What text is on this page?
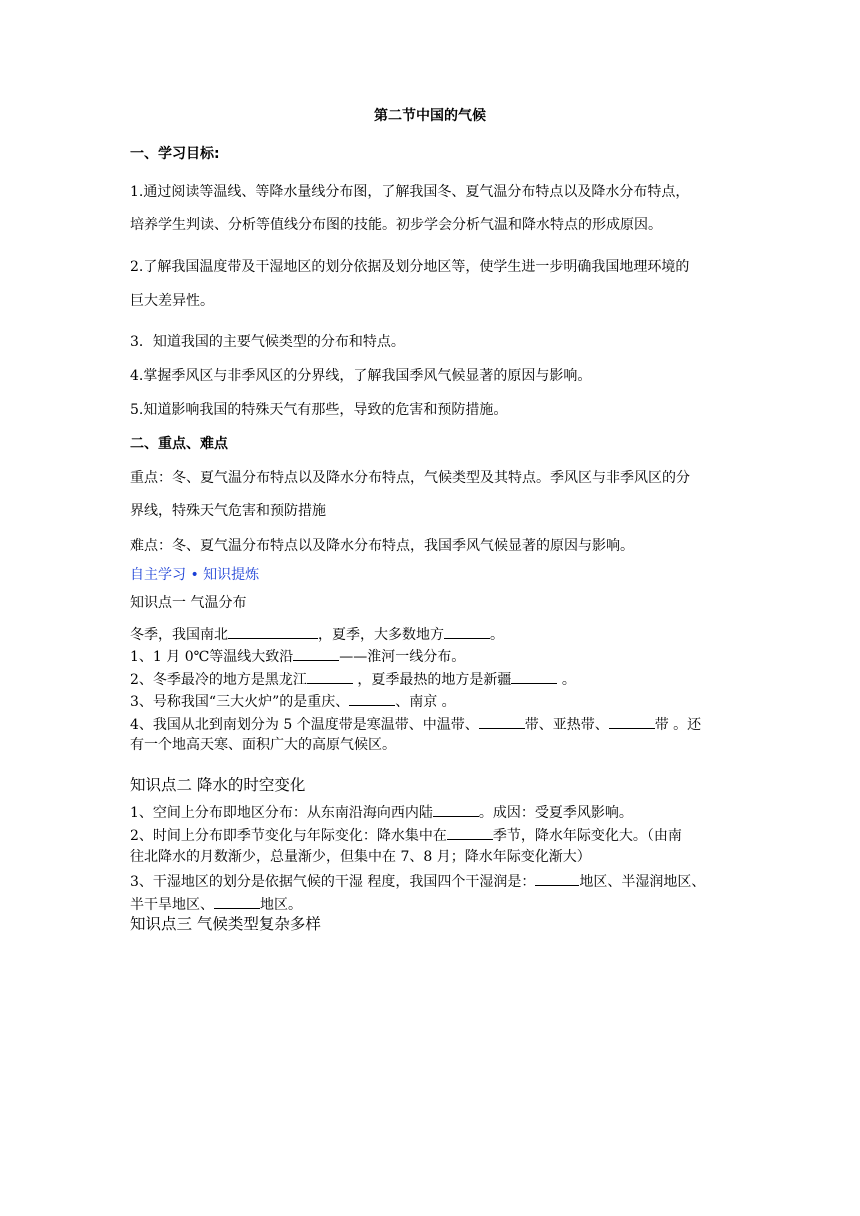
第二节中国的气候
一、学习目标:
1.通过阅读等温线、等降水量线分布图，了解我国冬、夏气温分布特点以及降水分布特点，
培养学生判读、分析等值线分布图的技能。初步学会分析气温和降水特点的形成原因。
2.了解我国温度带及干湿地区的划分依据及划分地区等，使学生进一步明确我国地理环境的
巨大差异性。
3．知道我国的主要气候类型的分布和特点。
4.掌握季风区与非季风区的分界线，了解我国季风气候显著的原因与影响。
5.知道影响我国的特殊天气有那些，导致的危害和预防措施。
二、重点、难点
重点：冬、夏气温分布特点以及降水分布特点，气候类型及其特点。季风区与非季风区的分
界线，特殊天气危害和预防措施
难点：冬、夏气温分布特点以及降水分布特点，我国季风气候显著的原因与影响。
自主学习 • 知识提炼
知识点一 气温分布
冬季，我国南北	，夏季，大多数地方	。
1、1 月 0℃等温线大致沿	——淮河一线分布。
2、冬季最冷的地方是黑龙江	，夏季最热的地方是新疆	。
3、号称我国“三大火炉”的是重庆、	、南京 。
4、我国从北到南划分为 5 个温度带是寒温带、中温带、	带、亚热带、	带 。还
有一个地高天寒、面积广大的高原气候区。
知识点二 降水的时空变化
1、空间上分布即地区分布：从东南沿海向西内陆	。成因：受夏季风影响。
2、时间上分布即季节变化与年际变化：降水集中在	季节，降水年际变化大。（由南
往北降水的月数渐少，总量渐少，但集中在 7、8 月；降水年际变化渐大）
3、干湿地区的划分是依据气候的干湿 程度，我国四个干湿润是：	地区、半湿润地区、
半干旱地区、	地区。
知识点三 气候类型复杂多样
